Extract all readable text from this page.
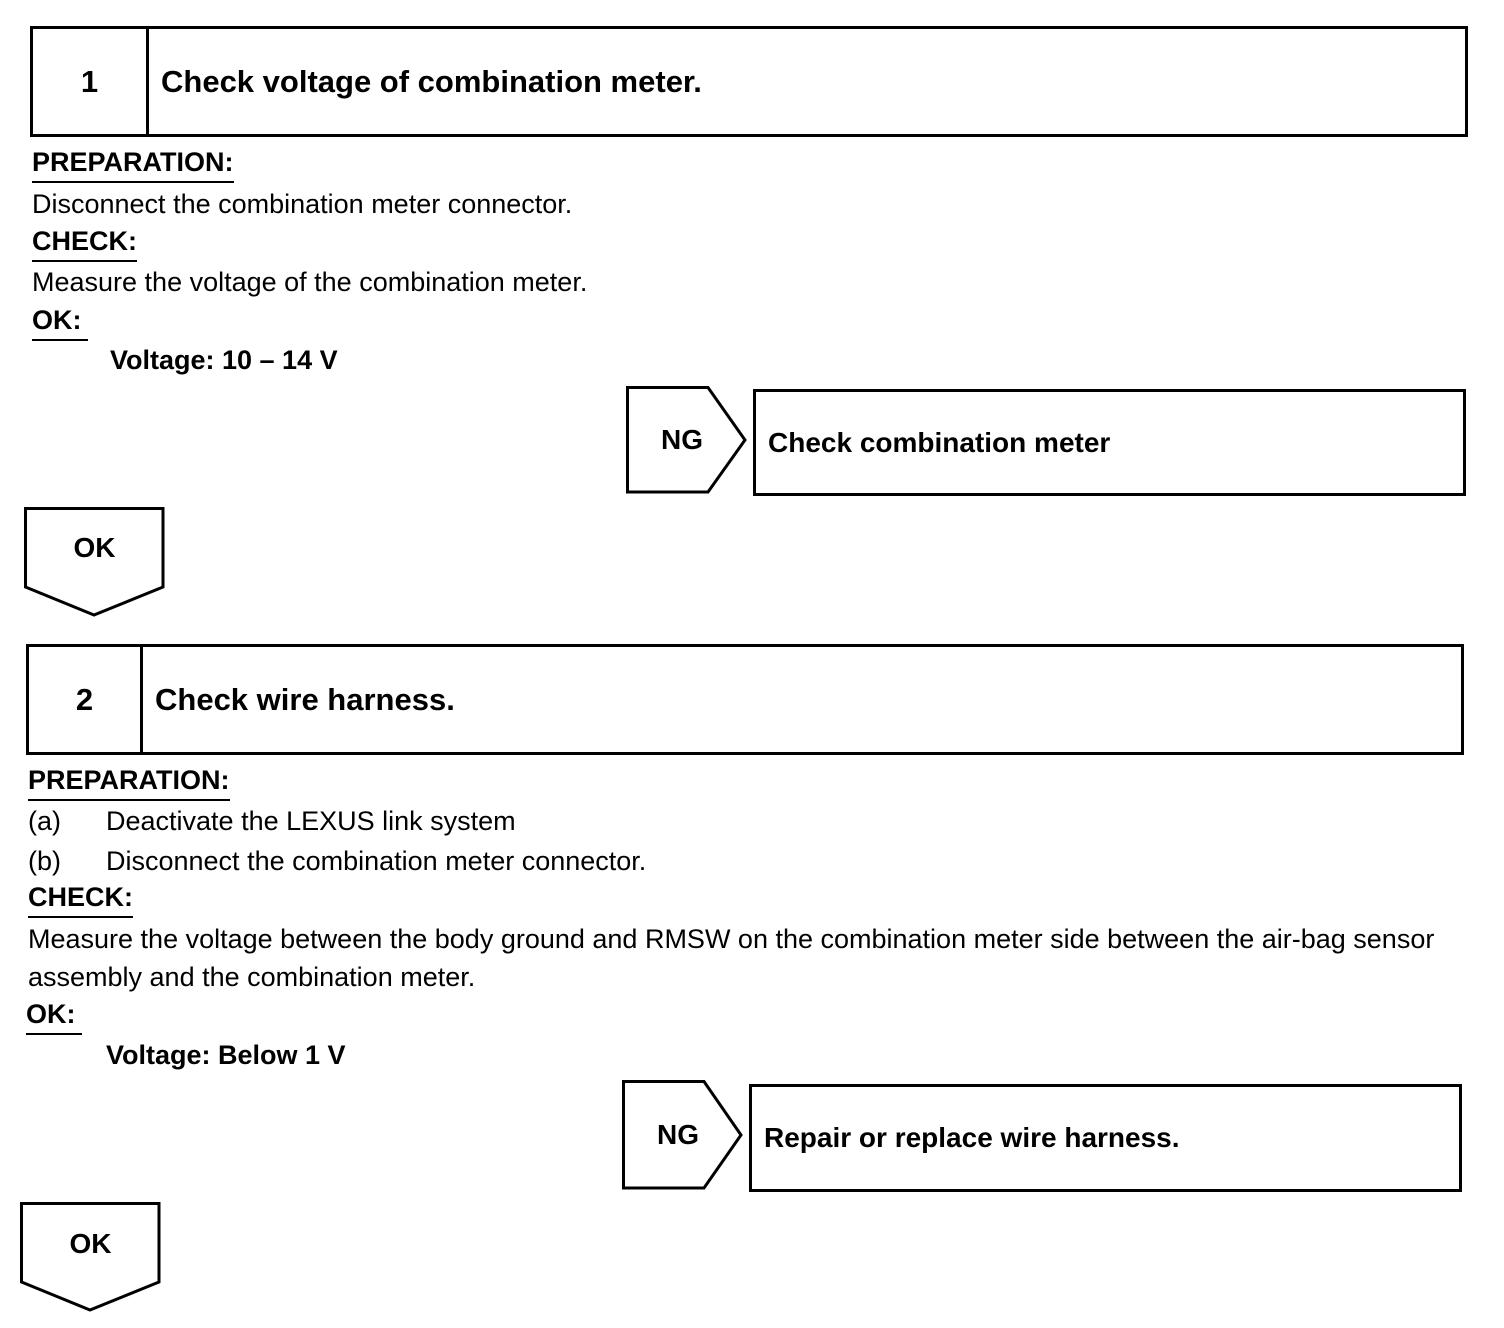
1	Check voltage of combination meter.
PREPARATION:
Disconnect the combination meter connector.
CHECK:
Measure the voltage of the combination meter.
OK:
Voltage: 10 – 14 V
NG	Check combination meter
OK
2	Check wire harness.
PREPARATION:
(a) Deactivate the LEXUS link system
(b) Disconnect the combination meter connector.
CHECK:
Measure the voltage between the body ground and RMSW on the combination meter side between the air-bag sensor assembly and the combination meter.
OK:
Voltage: Below 1 V
NG	Repair or replace wire harness.
OK
